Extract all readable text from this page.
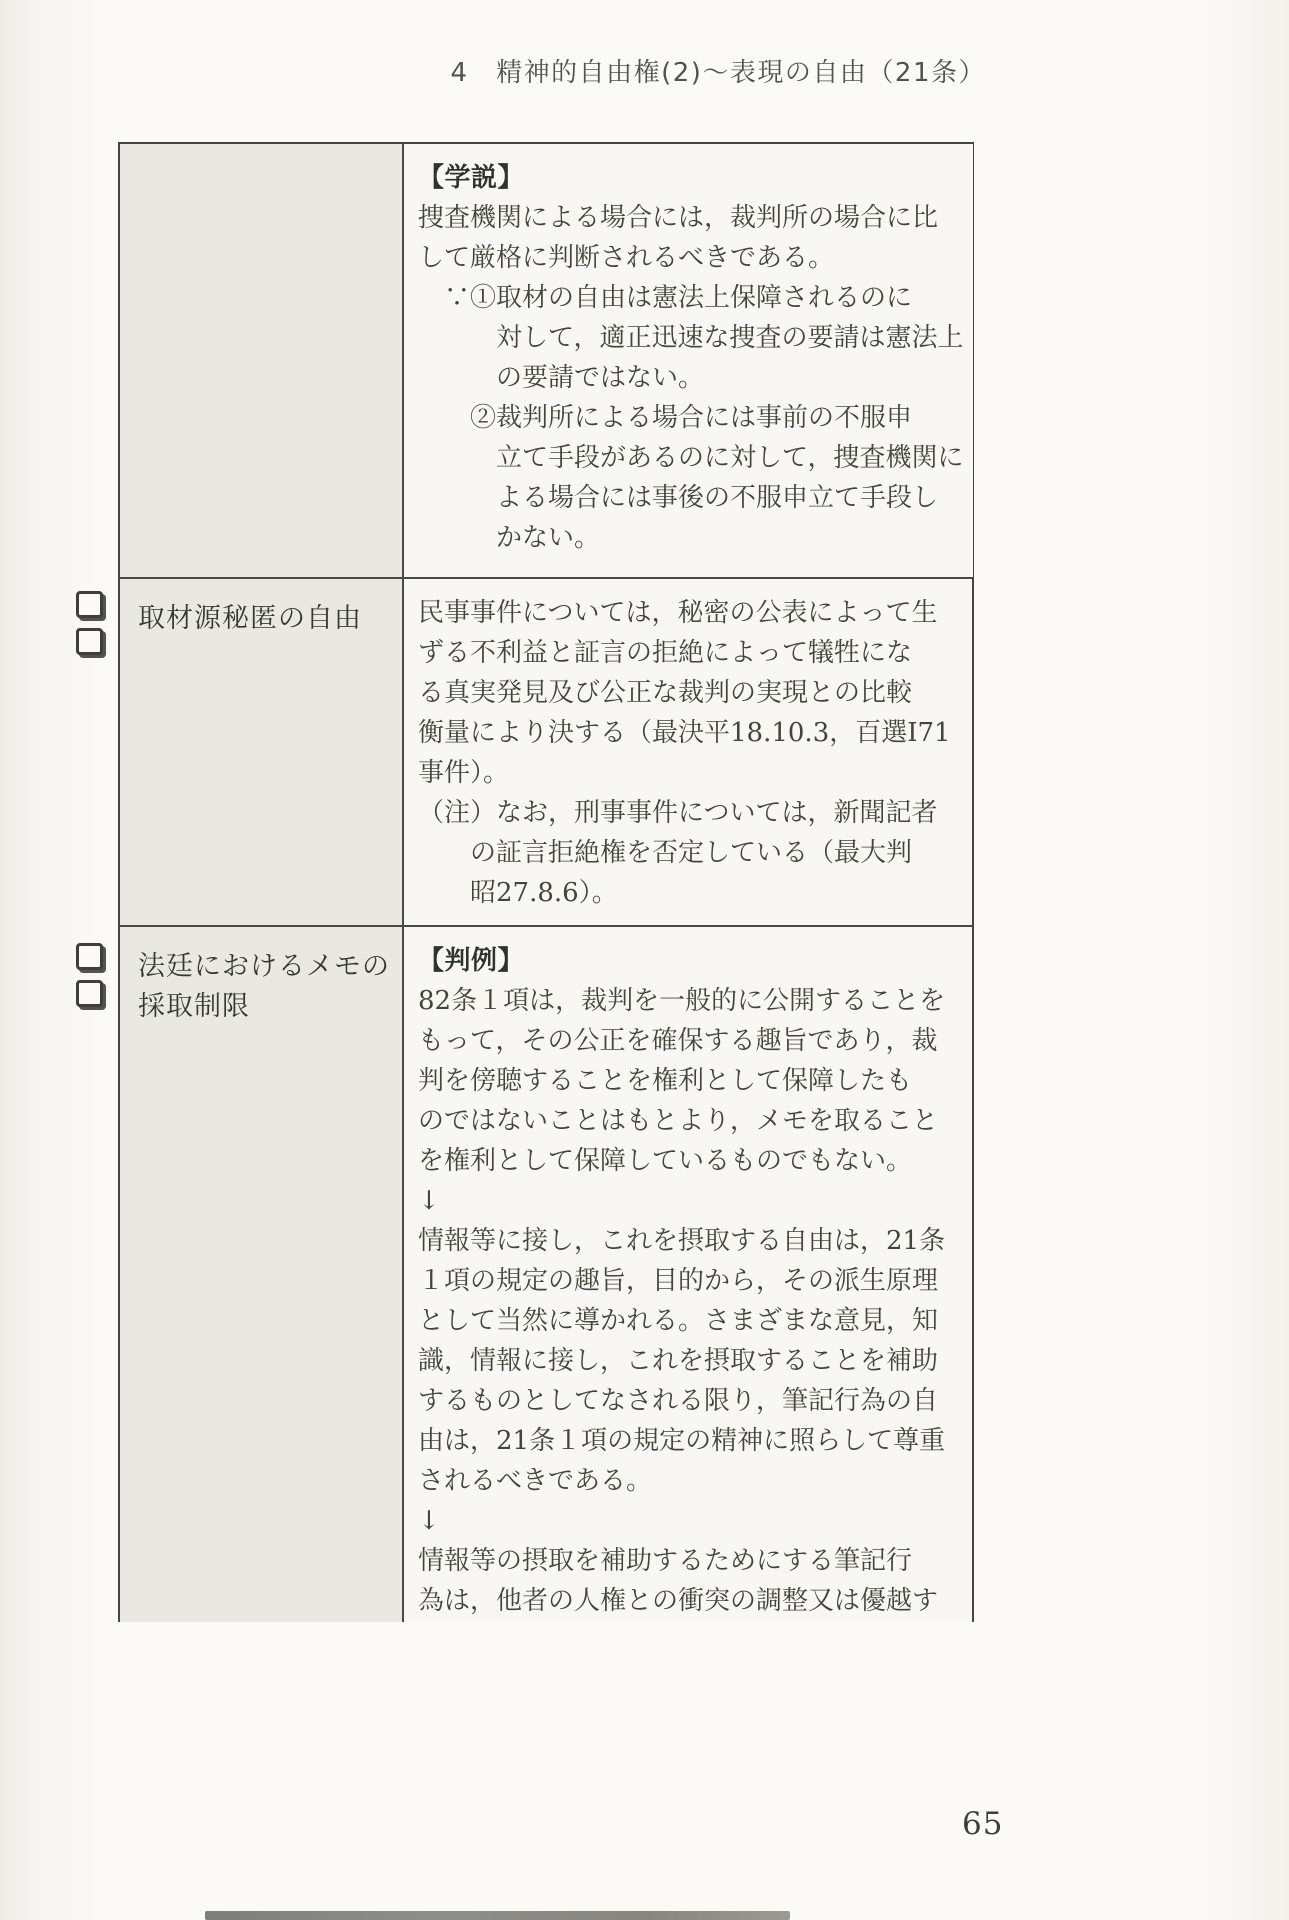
4　精神的自由権(2)～表現の自由（21条）
【学説】
捜査機関による場合には，裁判所の場合に比
して厳格に判断されるべきである。
∵①取材の自由は憲法上保障されるのに
対して，適正迅速な捜査の要請は憲法上
の要請ではない。
②裁判所による場合には事前の不服申
立て手段があるのに対して，捜査機関に
よる場合には事後の不服申立て手段し
かない。
取材源秘匿の自由	民事事件については，秘密の公表によって生
ずる不利益と証言の拒絶によって犠牲にな
る真実発見及び公正な裁判の実現との比較
衡量により決する（最決平18.10.3，百選Ⅰ71
事件）。
（注）なお，刑事事件については，新聞記者
の証言拒絶権を否定している（最大判
昭27.8.6）。
法廷におけるメモの
採取制限
【判例】
82条１項は，裁判を一般的に公開することを
もって，その公正を確保する趣旨であり，裁
判を傍聴することを権利として保障したも
のではないことはもとより，メモを取ること
を権利として保障しているものでもない。
↓
情報等に接し，これを摂取する自由は，21条
１項の規定の趣旨，目的から，その派生原理
として当然に導かれる。さまざまな意見，知
識，情報に接し，これを摂取することを補助
するものとしてなされる限り，筆記行為の自
由は，21条１項の規定の精神に照らして尊重
されるべきである。
↓
情報等の摂取を補助するためにする筆記行
為は，他者の人権との衝突の調整又は優越す
65
